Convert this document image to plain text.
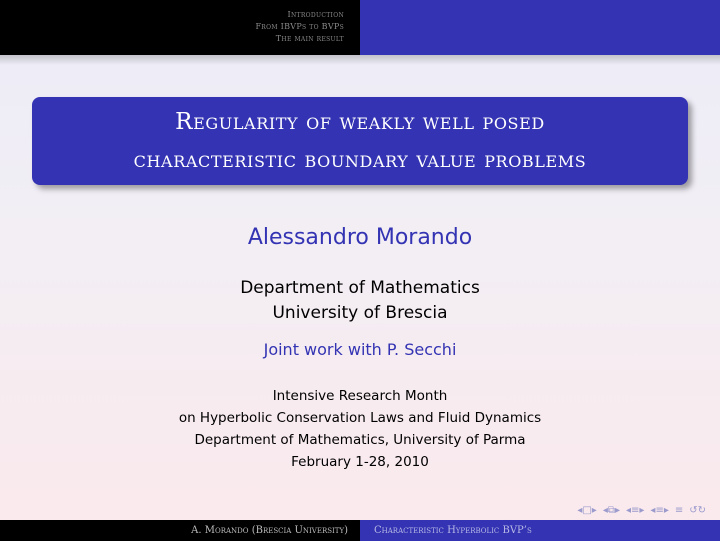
Introduction
From IBVPs to BVPs
The main result
Regularity of weakly well posed
characteristic boundary value problems
Alessandro Morando
Department of Mathematics
University of Brescia
Joint work with P. Secchi
Intensive Research Month
on Hyperbolic Conservation Laws and Fluid Dynamics
Department of Mathematics, University of Parma
February 1-28, 2010
◂□▸ ◂⧉▸ ◂≡▸ ◂≡▸ ≡ ↺↻
A. Morando (Brescia University)	Characteristic Hyperbolic BVP’s
